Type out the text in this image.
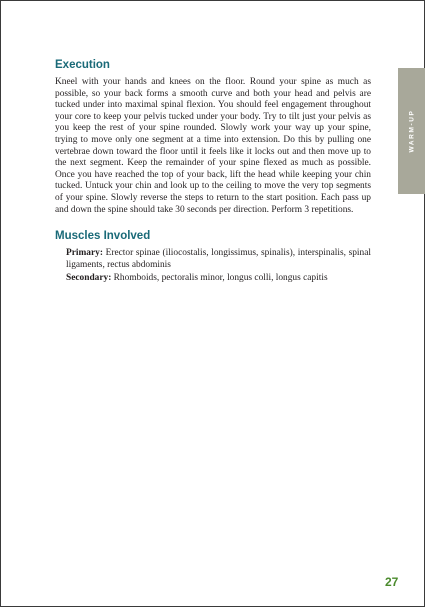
Execution

Kneel with your hands and knees on the floor. Round your spine as much as possible, so your back forms a smooth curve and both your head and pelvis are tucked under into maximal spinal flexion. You should feel engagement throughout your core to keep your pelvis tucked under your body. Try to tilt just your pelvis as you keep the rest of your spine rounded. Slowly work your way up your spine, trying to move only one segment at a time into extension. Do this by pulling one vertebrae down toward the floor until it feels like it locks out and then move up to the next segment. Keep the remainder of your spine flexed as much as possible. Once you have reached the top of your back, lift the head while keeping your chin tucked. Untuck your chin and look up to the ceiling to move the very top segments of your spine. Slowly reverse the steps to return to the start position. Each pass up and down the spine should take 30 seconds per direction. Perform 3 repetitions.

Muscles Involved

Primary: Erector spinae (iliocostalis, longissimus, spinalis), interspinalis, spinal ligaments, rectus abdominis

Secondary: Rhomboids, pectoralis minor, longus colli, longus capitis

WARM-UP
27
